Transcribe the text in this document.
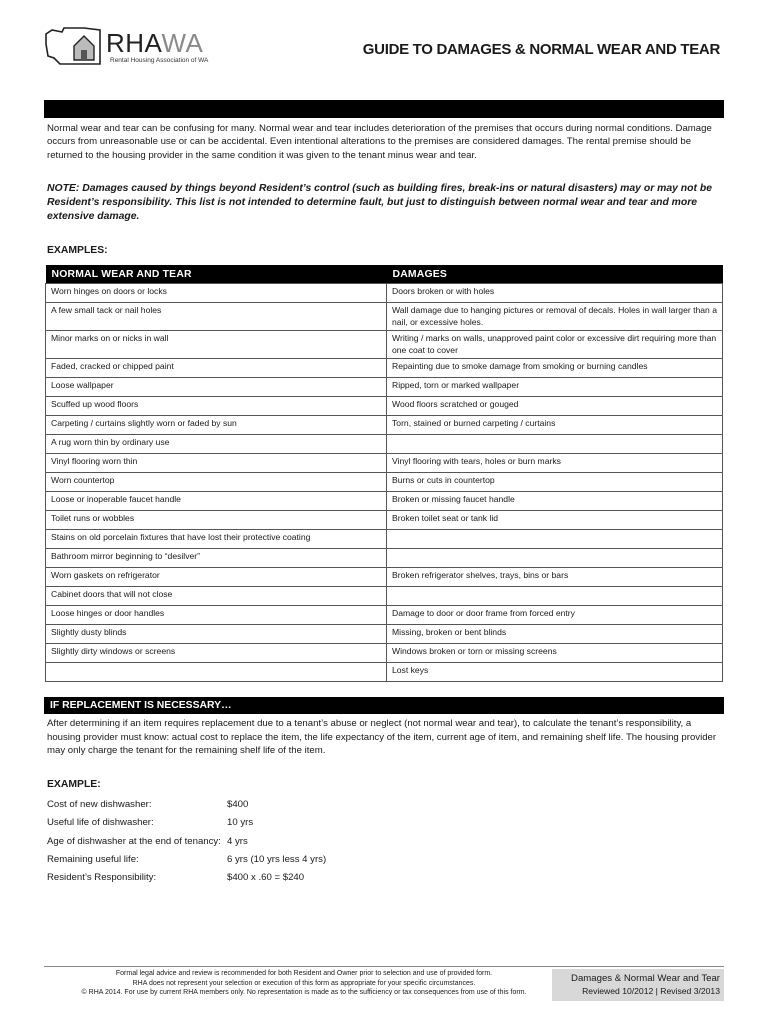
RHAWA
Rental Housing Association of WA
GUIDE TO DAMAGES & NORMAL WEAR AND TEAR
Normal wear and tear can be confusing for many. Normal wear and tear includes deterioration of the premises that occurs during normal conditions. Damage occurs from unreasonable use or can be accidental. Even intentional alterations to the premises are considered damages. The rental premise should be returned to the housing provider in the same condition it was given to the tenant minus wear and tear.
NOTE: Damages caused by things beyond Resident’s control (such as building fires, break-ins or natural disasters) may or may not be Resident’s responsibility. This list is not intended to determine fault, but just to distinguish between normal wear and tear and more extensive damage.
EXAMPLES:
NORMAL WEAR AND TEAR	DAMAGES
Worn hinges on doors or locks	Doors broken or with holes
A few small tack or nail holes	Wall damage due to hanging pictures or removal of decals. Holes in wall larger than a nail, or excessive holes.
Minor marks on or nicks in wall	Writing / marks on walls, unapproved paint color or excessive dirt requiring more than one coat to cover
Faded, cracked or chipped paint	Repainting due to smoke damage from smoking or burning candles
Loose wallpaper	Ripped, torn or marked wallpaper
Scuffed up wood floors	Wood floors scratched or gouged
Carpeting / curtains slightly worn or faded by sun	Torn, stained or burned carpeting / curtains
A rug worn thin by ordinary use	
Vinyl flooring worn thin	Vinyl flooring with tears, holes or burn marks
Worn countertop	Burns or cuts in countertop
Loose or inoperable faucet handle	Broken or missing faucet handle
Toilet runs or wobbles	Broken toilet seat or tank lid
Stains on old porcelain fixtures that have lost their protective coating	
Bathroom mirror beginning to “desilver”	
Worn gaskets on refrigerator	Broken refrigerator shelves, trays, bins or bars
Cabinet doors that will not close	
Loose hinges or door handles	Damage to door or door frame from forced entry
Slightly dusty blinds	Missing, broken or bent blinds
Slightly dirty windows or screens	Windows broken or torn or missing screens
	Lost keys
IF REPLACEMENT IS NECESSARY…
After determining if an item requires replacement due to a tenant’s abuse or neglect (not normal wear and tear), to calculate the tenant’s responsibility, a housing provider must know: actual cost to replace the item, the life expectancy of the item, current age of item, and remaining shelf life. The housing provider may only charge the tenant for the remaining shelf life of the item.
EXAMPLE:
Cost of new dishwasher:	$400
Useful life of dishwasher:	10 yrs
Age of dishwasher at the end of tenancy: 4 yrs
Remaining useful life:	6 yrs (10 yrs less 4 yrs)
Resident’s Responsibility:	$400 x .60 = $240
Formal legal advice and review is recommended for both Resident and Owner prior to selection and use of provided form.
RHA does not represent your selection or execution of this form as appropriate for your specific circumstances.
© RHA 2014. For use by current RHA members only. No representation is made as to the sufficiency or tax consequences from use of this form.
Damages & Normal Wear and Tear
Reviewed 10/2012 | Revised 3/2013
